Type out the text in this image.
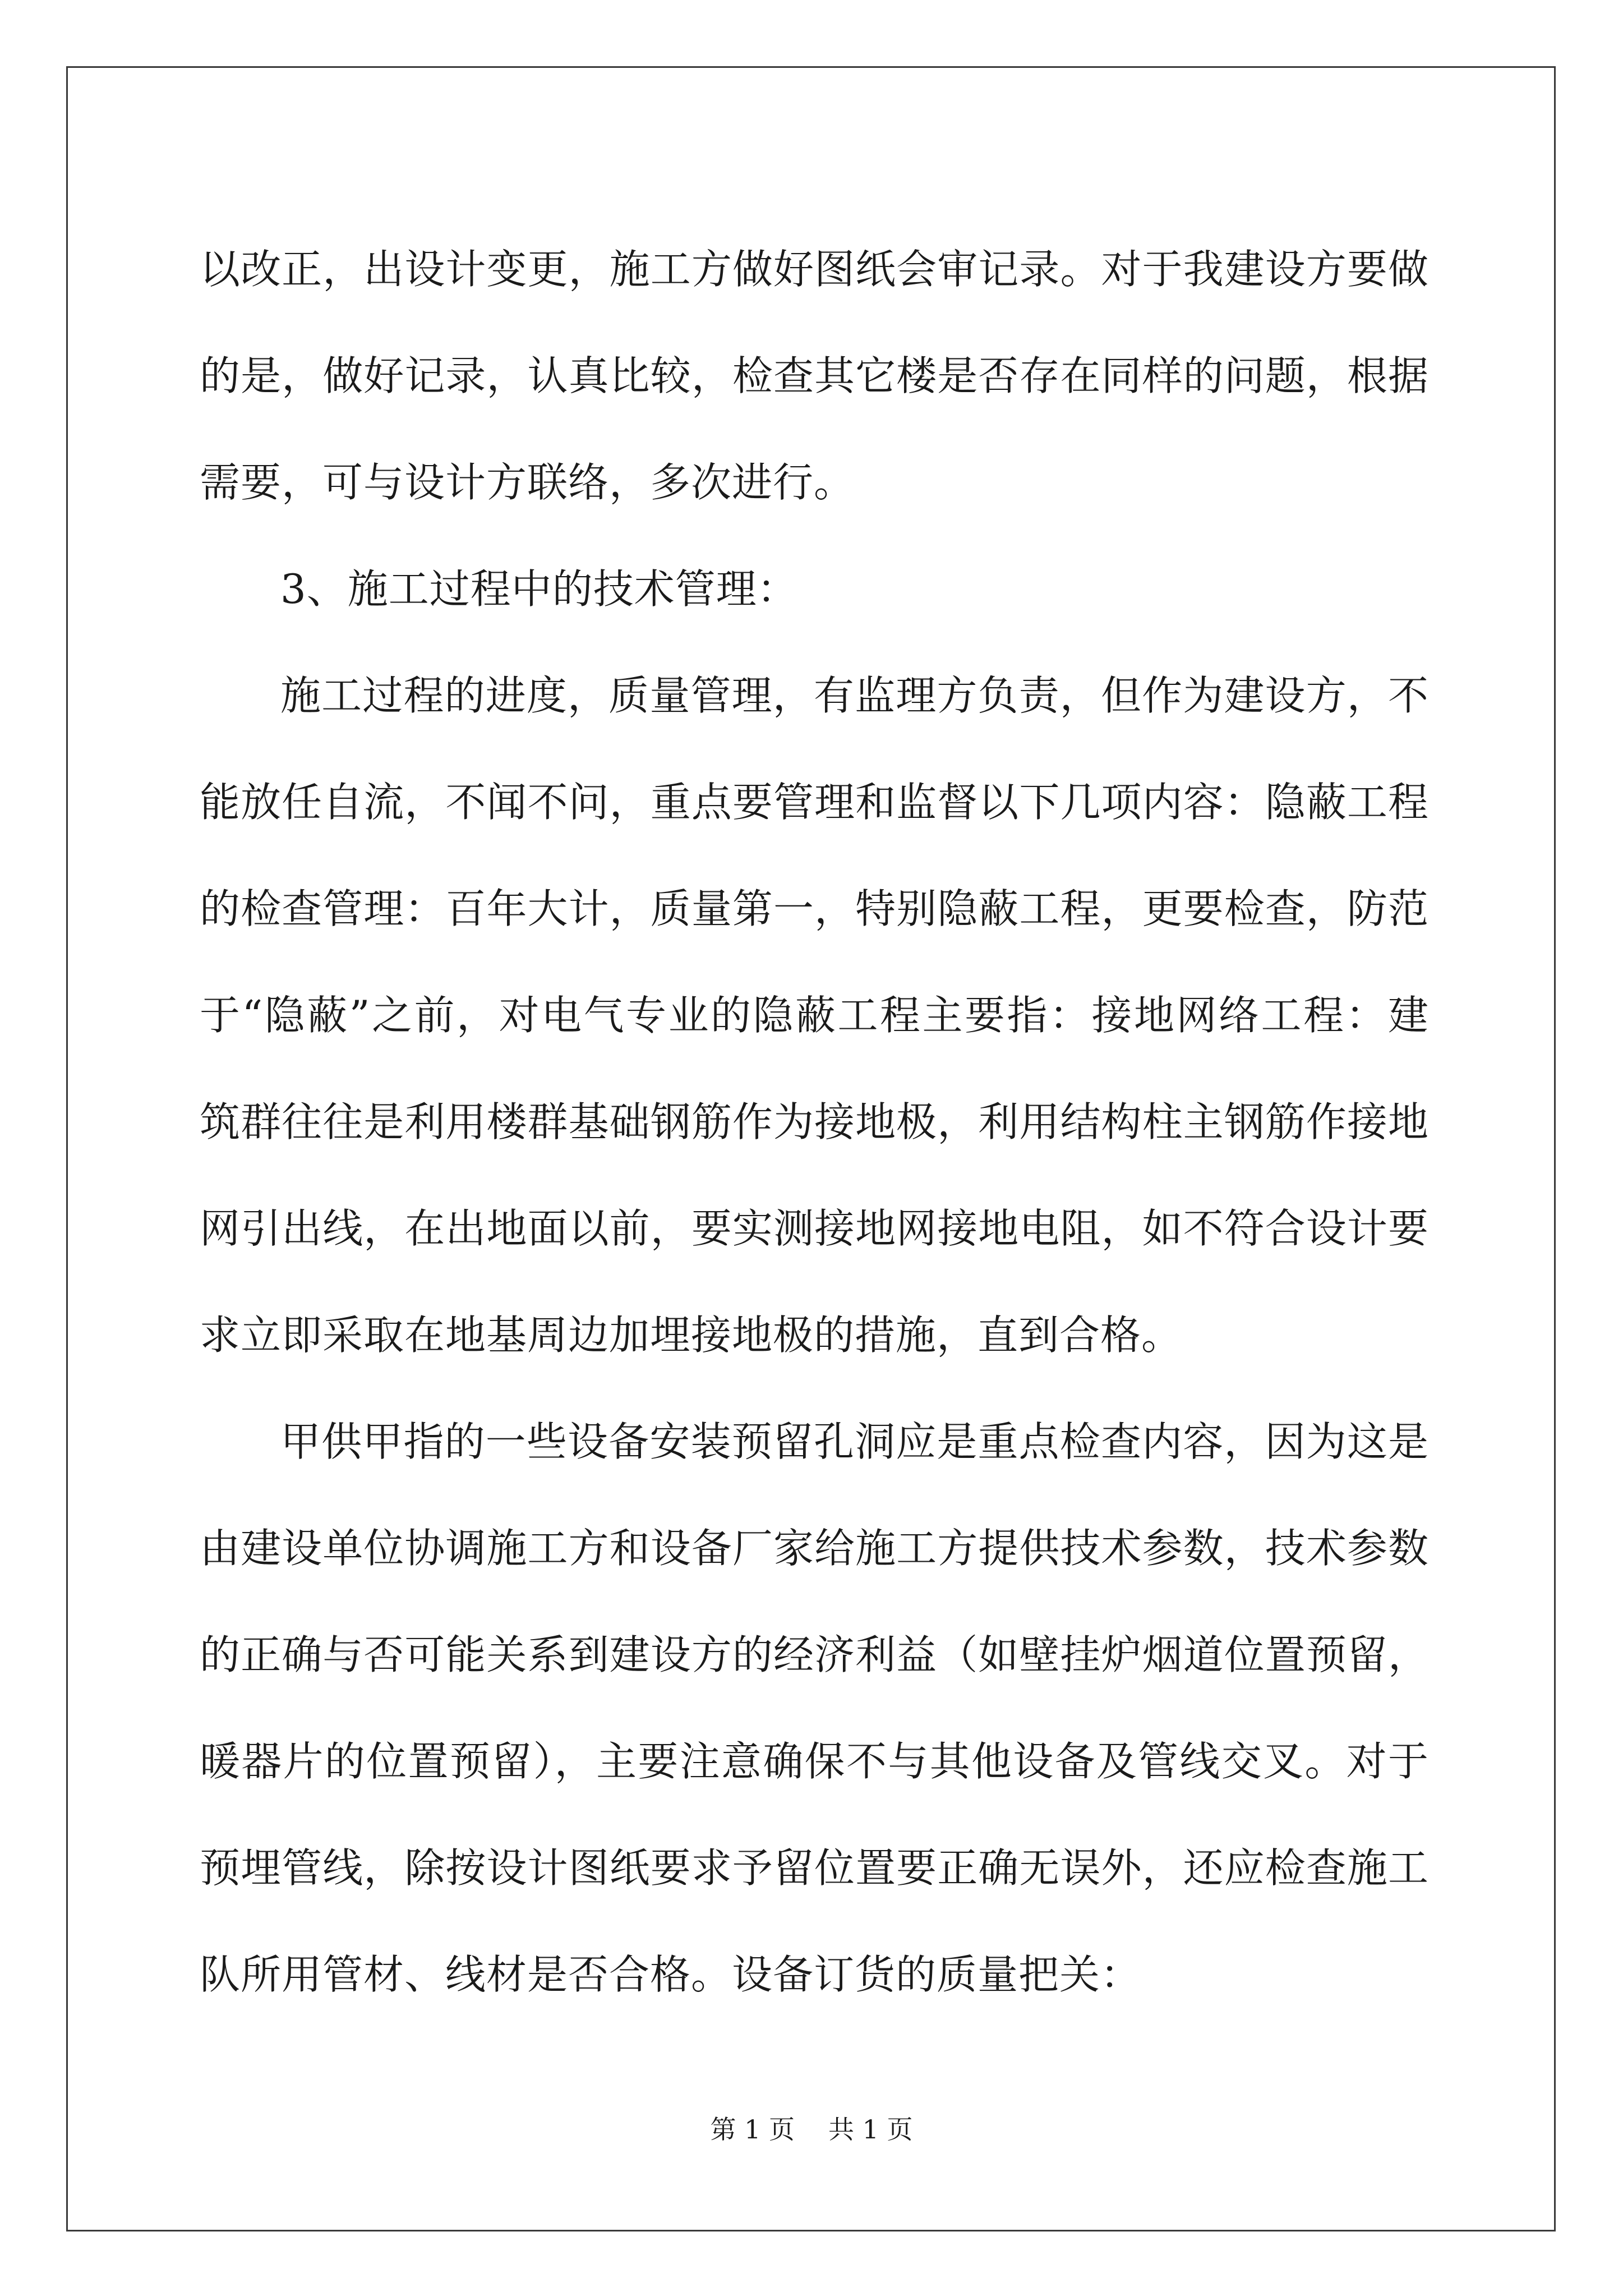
以改正，出设计变更，施工方做好图纸会审记录。对于我建设方要做的是，做好记录，认真比较，检查其它楼是否存在同样的问题，根据需要，可与设计方联络，多次进行。

3、施工过程中的技术管理：

施工过程的进度，质量管理，有监理方负责，但作为建设方，不能放任自流，不闻不问，重点要管理和监督以下几项内容：隐蔽工程的检查管理：百年大计，质量第一，特别隐蔽工程，更要检查，防范于“隐蔽”之前，对电气专业的隐蔽工程主要指：接地网络工程：建筑群往往是利用楼群基础钢筋作为接地极，利用结构柱主钢筋作接地网引出线，在出地面以前，要实测接地网接地电阻，如不符合设计要求立即采取在地基周边加埋接地极的措施，直到合格。

甲供甲指的一些设备安装预留孔洞应是重点检查内容，因为这是由建设单位协调施工方和设备厂家给施工方提供技术参数，技术参数的正确与否可能关系到建设方的经济利益（如壁挂炉烟道位置预留，暖器片的位置预留），主要注意确保不与其他设备及管线交叉。对于预埋管线，除按设计图纸要求予留位置要正确无误外，还应检查施工队所用管材、线材是否合格。设备订货的质量把关：

第 1 页 共 1 页
